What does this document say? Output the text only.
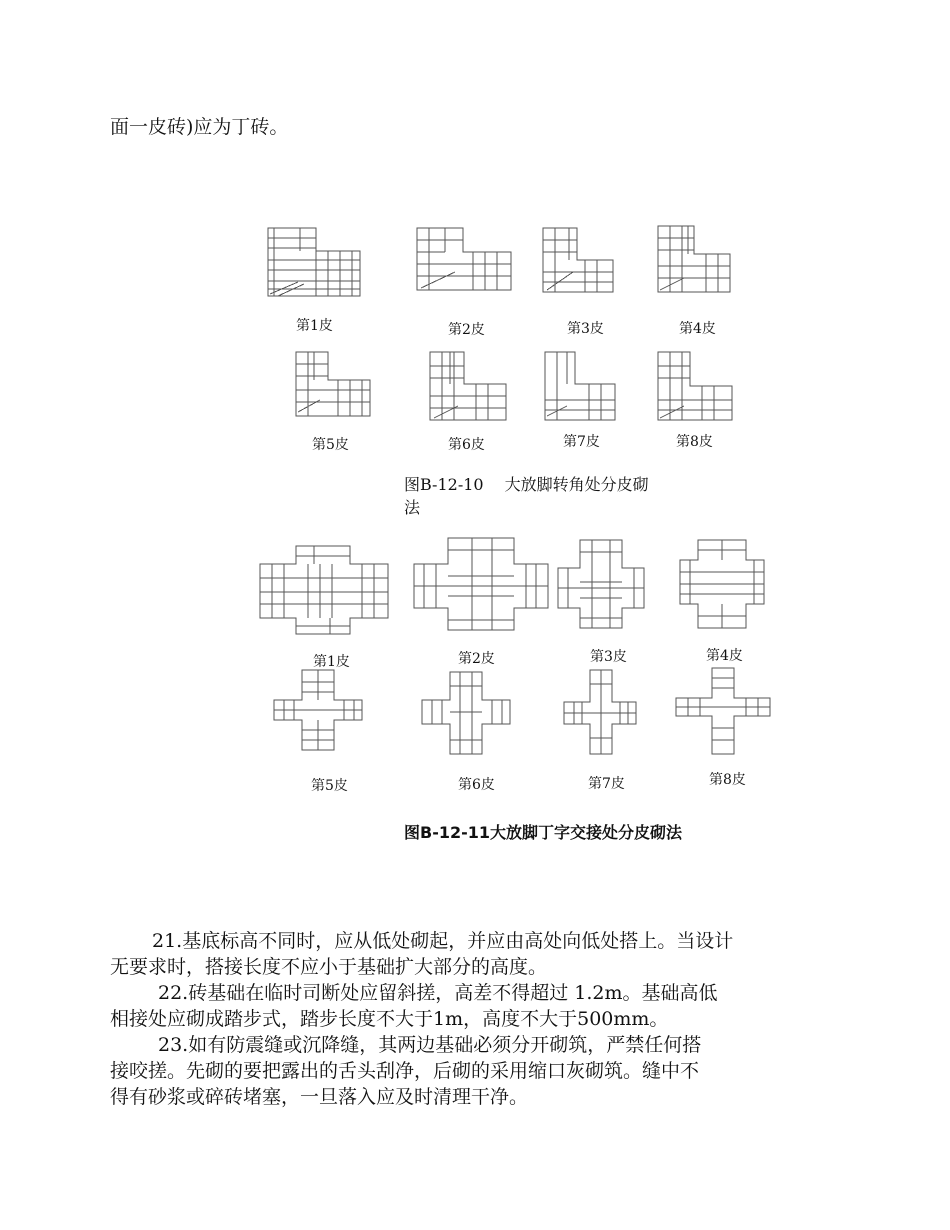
面一皮砖)应为丁砖。

第1皮	第2皮	第3皮	第4皮
第5皮	第6皮	第7皮	第8皮
图B-12-10　 大放脚转角处分皮砌
法
第1皮	第2皮	第3皮	第4皮
第5皮	第6皮	第7皮	第8皮
图B-12-11大放脚丁字交接处分皮砌法
21.基底标高不同时，应从低处砌起，并应由高处向低处搭上。当设计
无要求时，搭接长度不应小于基础扩大部分的高度。
22.砖基础在临时司断处应留斜搓，高差不得超过 1.2m。基础高低
相接处应砌成踏步式，踏步长度不大于1m，高度不大于500mm。
23.如有防震缝或沉降缝，其两边基础必须分开砌筑，严禁任何搭
接咬搓。先砌的要把露出的舌头刮净，后砌的采用缩口灰砌筑。缝中不
得有砂浆或碎砖堵塞，一旦落入应及时清理干净。
